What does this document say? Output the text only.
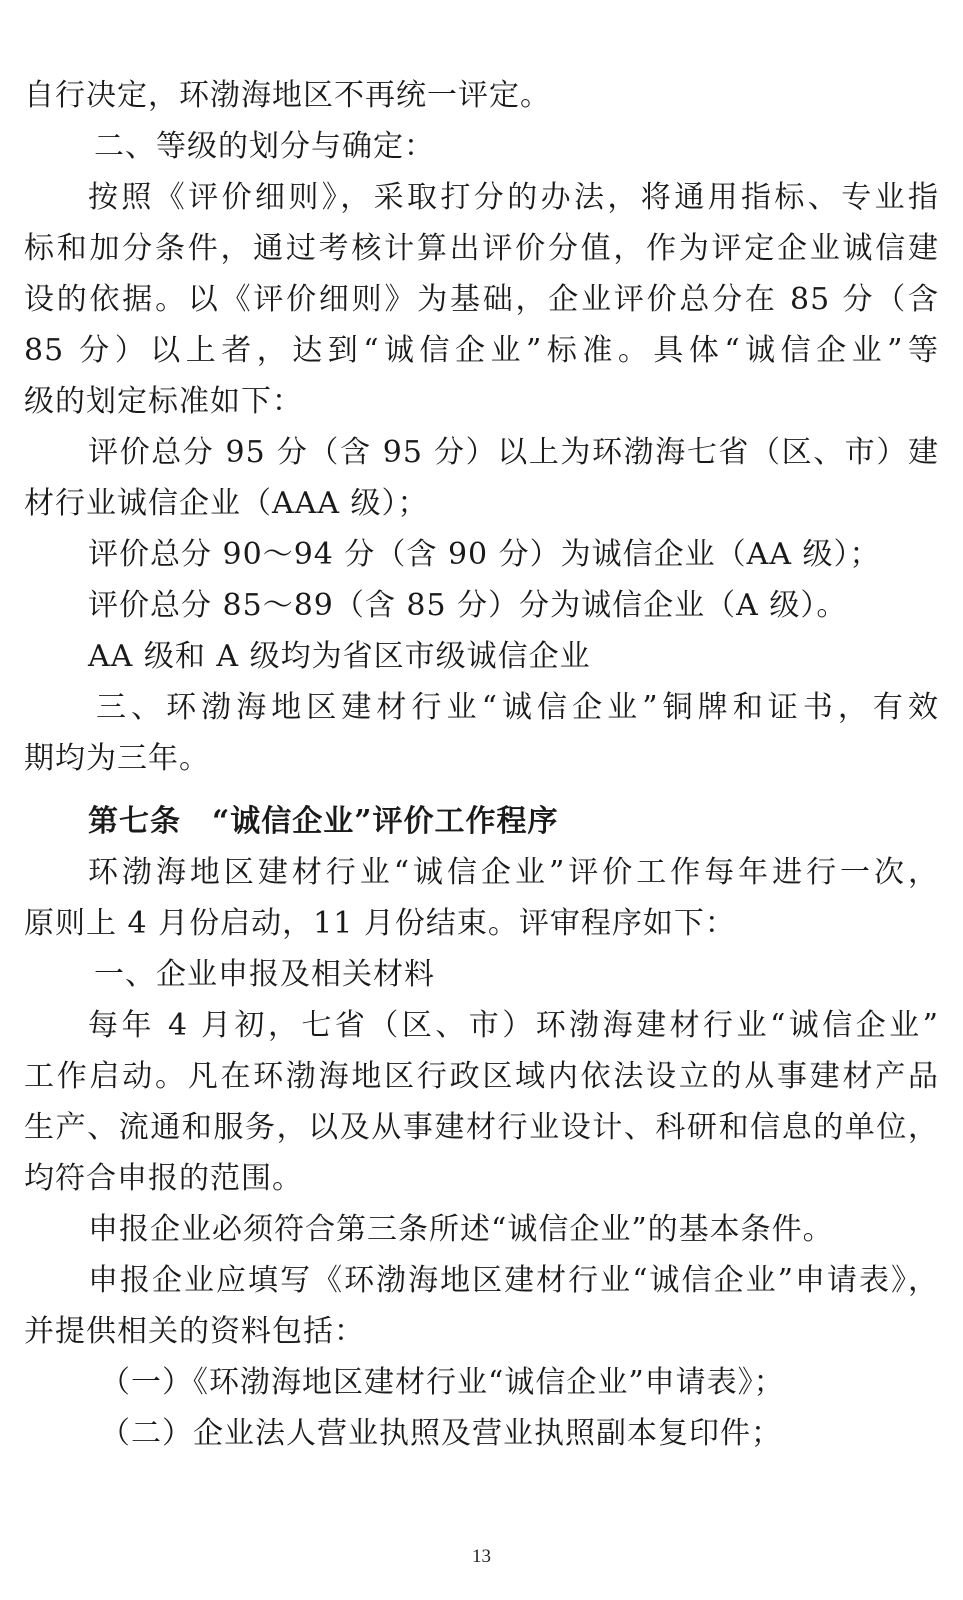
自行决定，环渤海地区不再统一评定。
二、等级的划分与确定：
按照《评价细则》，采取打分的办法，将通用指标、专业指
标和加分条件，通过考核计算出评价分值，作为评定企业诚信建
设的依据。以《评价细则》为基础，企业评价总分在 85 分（含
85 分）以上者，达到“诚信企业”标准。具体“诚信企业”等
级的划定标准如下：
评价总分 95 分（含 95 分）以上为环渤海七省（区、市）建
材行业诚信企业（AAA 级）；
评价总分 90～94 分（含 90 分）为诚信企业（AA 级）；
评价总分 85～89（含 85 分）分为诚信企业（A 级）。
AA 级和 A 级均为省区市级诚信企业
三、环渤海地区建材行业“诚信企业”铜牌和证书，有效
期均为三年。
第七条　“诚信企业”评价工作程序
环渤海地区建材行业“诚信企业”评价工作每年进行一次，
原则上 4 月份启动，11 月份结束。评审程序如下：
一、企业申报及相关材料
每年 4 月初，七省（区、市）环渤海建材行业“诚信企业”
工作启动。凡在环渤海地区行政区域内依法设立的从事建材产品
生产、流通和服务，以及从事建材行业设计、科研和信息的单位，
均符合申报的范围。
申报企业必须符合第三条所述“诚信企业”的基本条件。
申报企业应填写《环渤海地区建材行业“诚信企业”申请表》，
并提供相关的资料包括：
（一）《环渤海地区建材行业“诚信企业”申请表》；
（二）企业法人营业执照及营业执照副本复印件；
13
